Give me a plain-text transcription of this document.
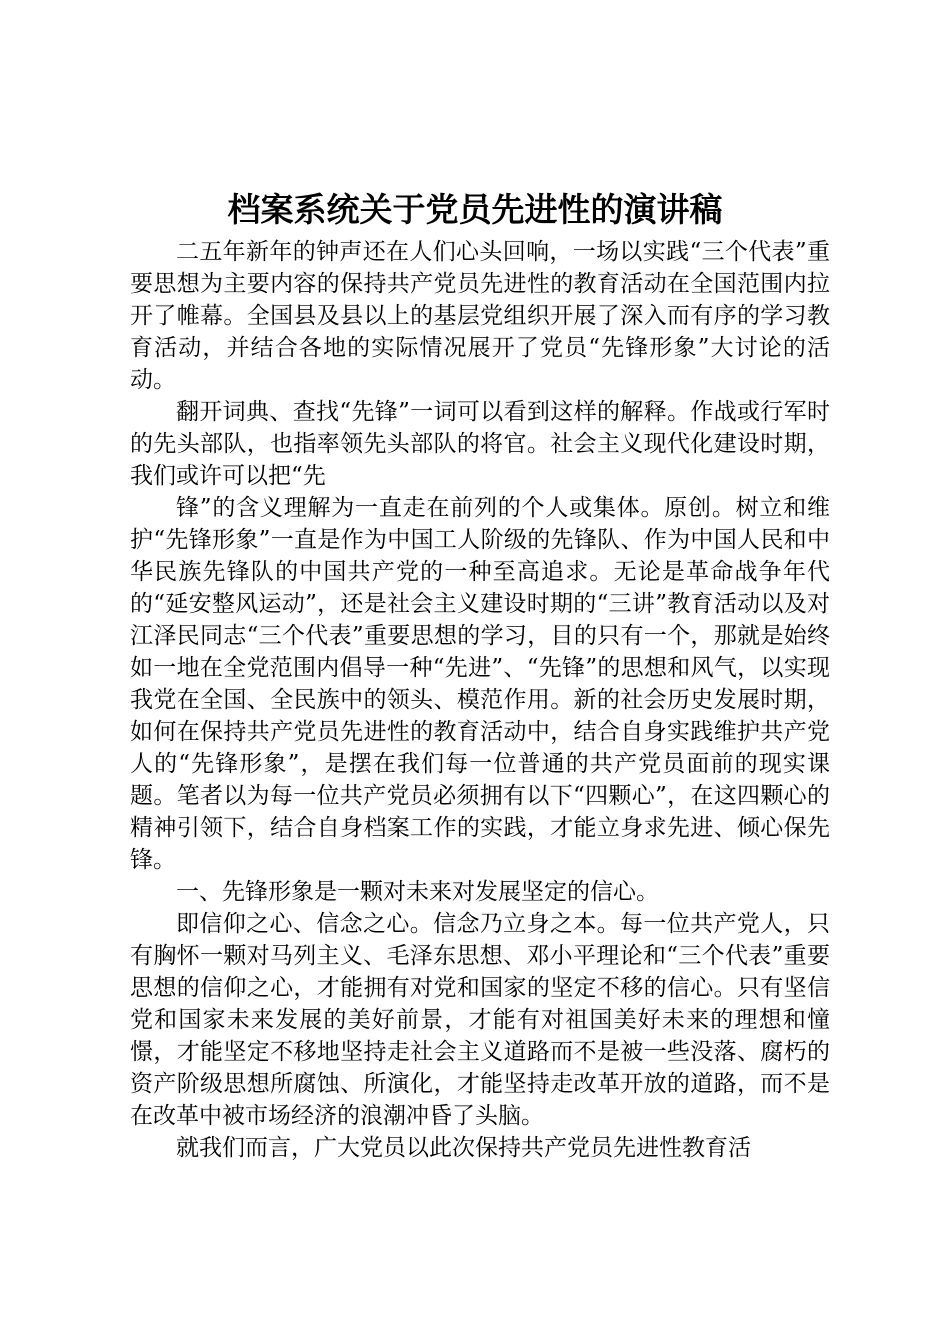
档案系统关于党员先进性的演讲稿

二五年新年的钟声还在人们心头回响，一场以实践“三个代表”重要思想为主要内容的保持共产党员先进性的教育活动在全国范围内拉开了帷幕。全国县及县以上的基层党组织开展了深入而有序的学习教育活动，并结合各地的实际情况展开了党员“先锋形象”大讨论的活动。

翻开词典、查找“先锋”一词可以看到这样的解释。作战或行军时的先头部队，也指率领先头部队的将官。社会主义现代化建设时期，我们或许可以把“先

锋”的含义理解为一直走在前列的个人或集体。原创。树立和维护“先锋形象”一直是作为中国工人阶级的先锋队、作为中国人民和中华民族先锋队的中国共产党的一种至高追求。无论是革命战争年代的“延安整风运动”，还是社会主义建设时期的“三讲”教育活动以及对江泽民同志“三个代表”重要思想的学习，目的只有一个，那就是始终如一地在全党范围内倡导一种“先进”、“先锋”的思想和风气，以实现我党在全国、全民族中的领头、模范作用。新的社会历史发展时期，如何在保持共产党员先进性的教育活动中，结合自身实践维护共产党人的“先锋形象”，是摆在我们每一位普通的共产党员面前的现实课题。笔者以为每一位共产党员必须拥有以下“四颗心”，在这四颗心的精神引领下，结合自身档案工作的实践，才能立身求先进、倾心保先锋。

一、先锋形象是一颗对未来对发展坚定的信心。

即信仰之心、信念之心。信念乃立身之本。每一位共产党人，只有胸怀一颗对马列主义、毛泽东思想、邓小平理论和“三个代表”重要思想的信仰之心，才能拥有对党和国家的坚定不移的信心。只有坚信党和国家未来发展的美好前景，才能有对祖国美好未来的理想和憧憬，才能坚定不移地坚持走社会主义道路而不是被一些没落、腐朽的资产阶级思想所腐蚀、所演化，才能坚持走改革开放的道路，而不是在改革中被市场经济的浪潮冲昏了头脑。

就我们而言，广大党员以此次保持共产党员先进性教育活
